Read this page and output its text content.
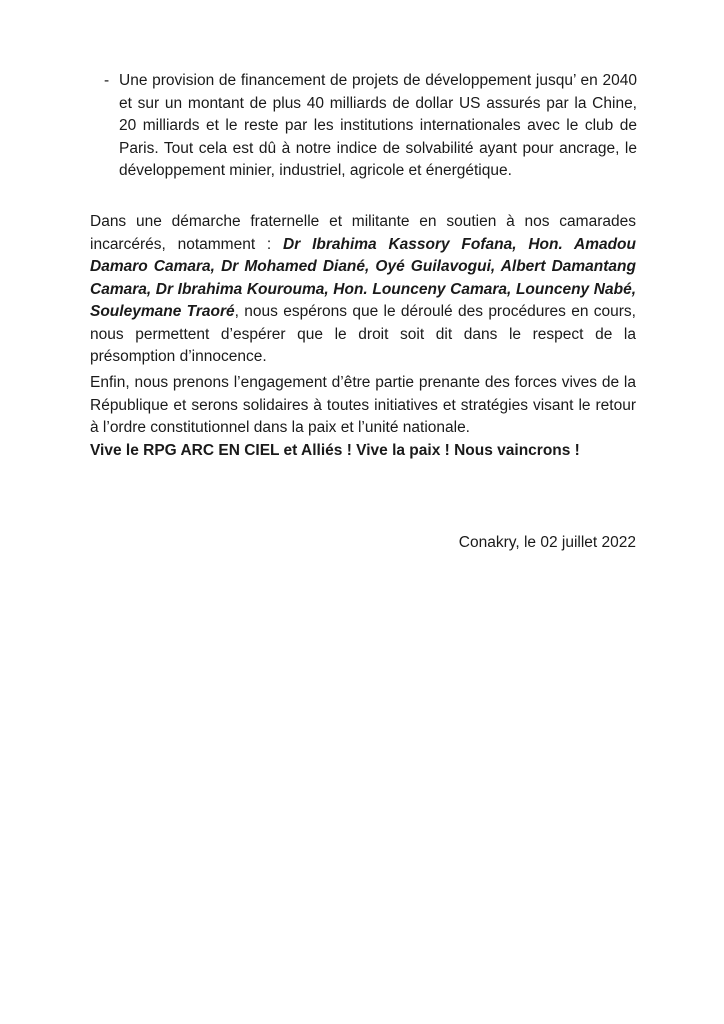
- Une provision de financement de projets de développement jusqu’ en 2040 et sur un montant de plus 40 milliards de dollar US assurés par la Chine, 20 milliards et le reste par les institutions internationales avec le club de Paris. Tout cela est dû à notre indice de solvabilité ayant pour ancrage, le développement minier, industriel, agricole et énergétique.

Dans une démarche fraternelle et militante en soutien à nos camarades incarcérés, notamment : Dr Ibrahima Kassory Fofana, Hon. Amadou Damaro Camara, Dr Mohamed Diané, Oyé Guilavogui, Albert Damantang Camara, Dr Ibrahima Kourouma, Hon. Lounceny Camara, Lounceny Nabé, Souleymane Traoré, nous espérons que le déroulé des procédures en cours, nous permettent d’espérer que le droit soit dit dans le respect de la présomption d’innocence.

Enfin, nous prenons l’engagement d’être partie prenante des forces vives de la République et serons solidaires à toutes initiatives et stratégies visant le retour à l’ordre constitutionnel dans la paix et l’unité nationale.
Vive le RPG ARC EN CIEL et Alliés ! Vive la paix ! Nous vaincrons !

Conakry, le 02 juillet 2022
